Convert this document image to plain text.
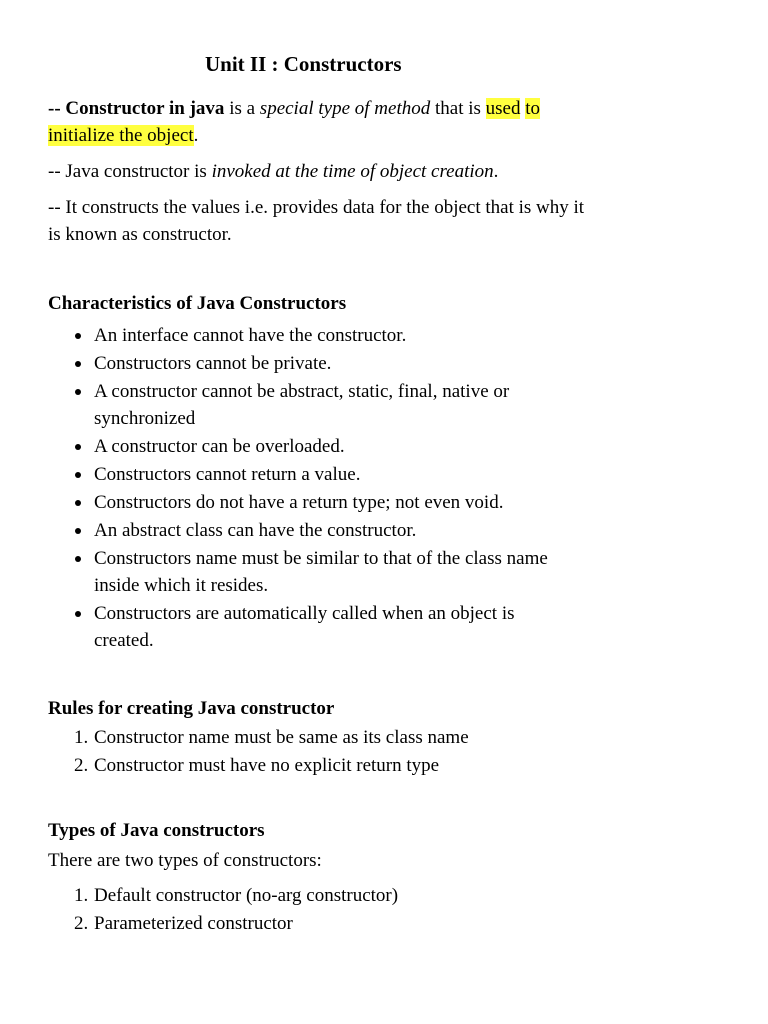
Unit II : Constructors

-- Constructor in java is a special type of method that is used to initialize the object.

-- Java constructor is invoked at the time of object creation.

-- It constructs the values i.e. provides data for the object that is why it is known as constructor.

Characteristics of Java Constructors
An interface cannot have the constructor.
Constructors cannot be private.
A constructor cannot be abstract, static, final, native or synchronized
A constructor can be overloaded.
Constructors cannot return a value.
Constructors do not have a return type; not even void.
An abstract class can have the constructor.
Constructors name must be similar to that of the class name inside which it resides.
Constructors are automatically called when an object is created.
Rules for creating Java constructor
1. Constructor name must be same as its class name
2. Constructor must have no explicit return type
Types of Java constructors

There are two types of constructors:

1. Default constructor (no-arg constructor)
2. Parameterized constructor
